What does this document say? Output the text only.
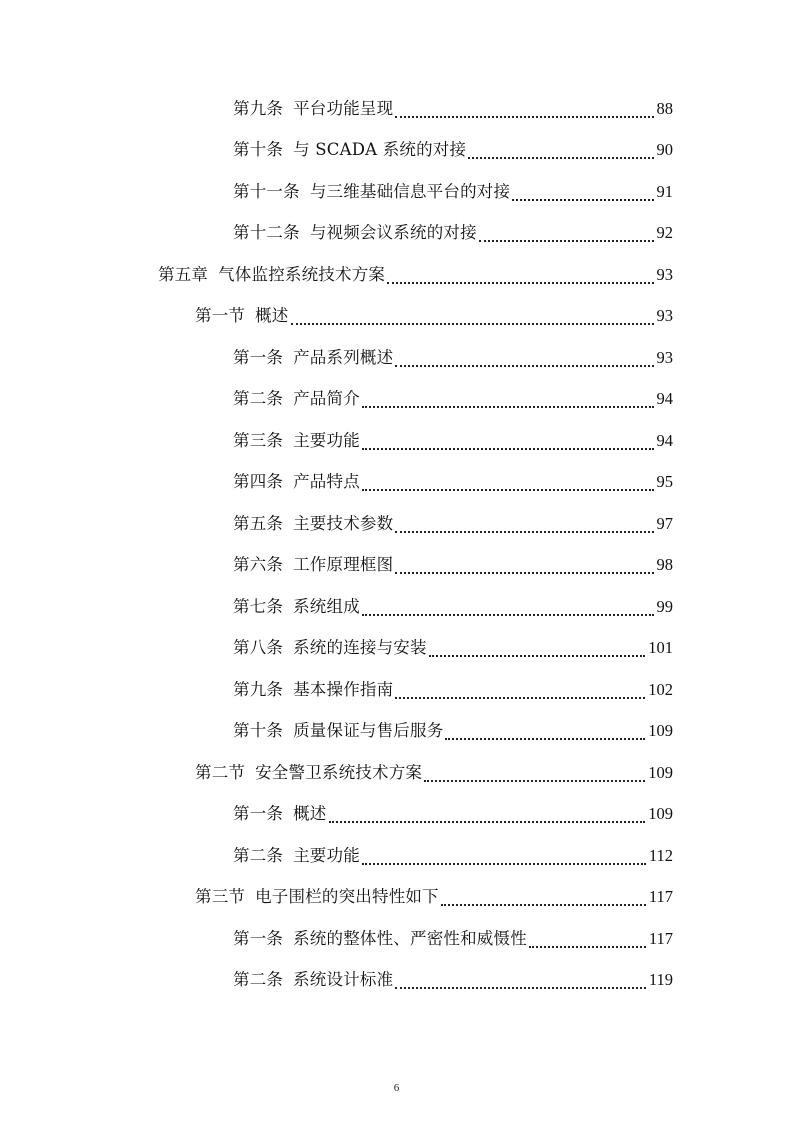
第九条 平台功能呈现	88
第十条 与 SCADA 系统的对接	90
第十一条 与三维基础信息平台的对接	91
第十二条 与视频会议系统的对接	92
第五章 气体监控系统技术方案	93
第一节 概述	93
第一条 产品系列概述	93
第二条 产品简介	94
第三条 主要功能	94
第四条 产品特点	95
第五条 主要技术参数	97
第六条 工作原理框图	98
第七条 系统组成	99
第八条 系统的连接与安装	101
第九条 基本操作指南	102
第十条 质量保证与售后服务	109
第二节 安全警卫系统技术方案	109
第一条 概述	109
第二条 主要功能	112
第三节 电子围栏的突出特性如下	117
第一条 系统的整体性、严密性和威慑性	117
第二条 系统设计标准	119
6
